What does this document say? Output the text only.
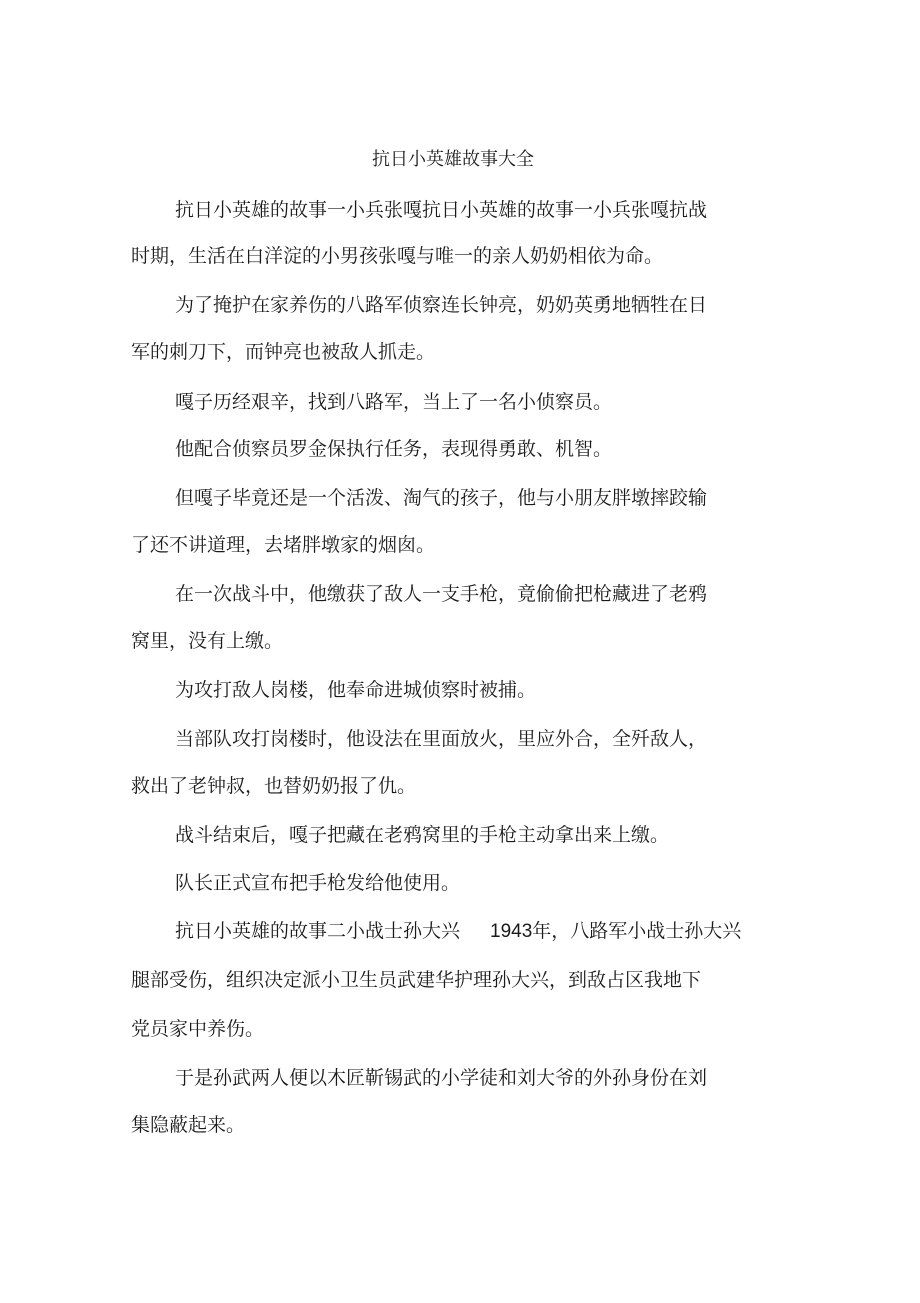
抗日小英雄故事大全
抗日小英雄的故事一小兵张嘎抗日小英雄的故事一小兵张嘎抗战
时期，生活在白洋淀的小男孩张嘎与唯一的亲人奶奶相依为命。
为了掩护在家养伤的八路军侦察连长钟亮，奶奶英勇地牺牲在日
军的刺刀下，而钟亮也被敌人抓走。
嘎子历经艰辛，找到八路军，当上了一名小侦察员。
他配合侦察员罗金保执行任务，表现得勇敢、机智。
但嘎子毕竟还是一个活泼、淘气的孩子，他与小朋友胖墩摔跤输
了还不讲道理，去堵胖墩家的烟囱。
在一次战斗中，他缴获了敌人一支手枪，竟偷偷把枪藏进了老鸦
窝里，没有上缴。
为攻打敌人岗楼，他奉命进城侦察时被捕。
当部队攻打岗楼时，他设法在里面放火，里应外合，全歼敌人，
救出了老钟叔，也替奶奶报了仇。
战斗结束后，嘎子把藏在老鸦窝里的手枪主动拿出来上缴。
队长正式宣布把手枪发给他使用。
抗日小英雄的故事二小战士孙大兴 1943年，八路军小战士孙大兴
腿部受伤，组织决定派小卫生员武建华护理孙大兴，到敌占区我地下
党员家中养伤。
于是孙武两人便以木匠靳锡武的小学徒和刘大爷的外孙身份在刘
集隐蔽起来。
